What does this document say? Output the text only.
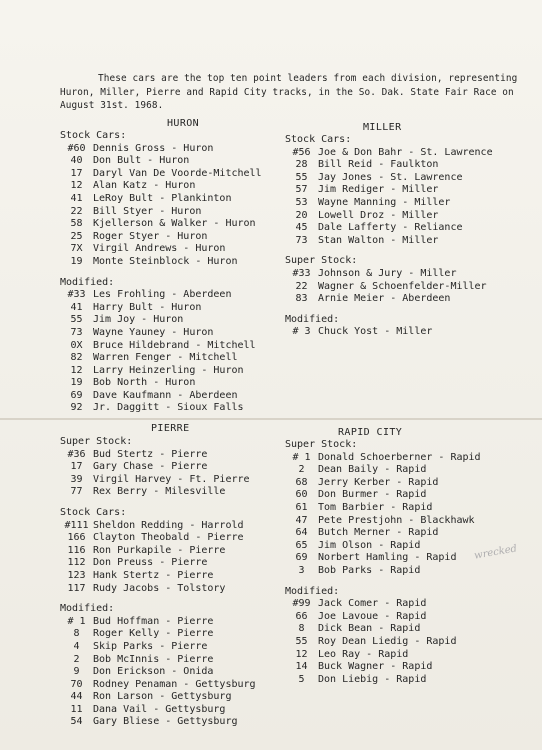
These cars are the top ten point leaders from each division, representing Huron, Miller, Pierre and Rapid City tracks, in the So. Dak. State Fair Race on August 31st. 1968.
HURON
Stock Cars:
#60 Dennis Gross - Huron
40	Don Bult - Huron
17	Daryl Van De Voorde-Mitchell
12	Alan Katz - Huron
41	LeRoy Bult - Plankinton
22	Bill Styer - Huron
58	Kjellerson & Walker - Huron
25	Roger Styer - Huron
7X	Virgil Andrews - Huron
19	Monte Steinblock - Huron
Modified:
#33 Les Frohling - Aberdeen
41	Harry Bult - Huron
55	Jim Joy - Huron
73	Wayne Yauney - Huron
0X	Bruce Hildebrand - Mitchell
82	Warren Fenger - Mitchell
12	Larry Heinzerling - Huron
19	Bob North - Huron
69	Dave Kaufmann - Aberdeen
92	Jr. Daggitt - Sioux Falls
MILLER
Stock Cars:
#56 Joe & Don Bahr - St. Lawrence
28	Bill Reid - Faulkton
55	Jay Jones - St. Lawrence
57	Jim Rediger - Miller
53	Wayne Manning - Miller
20	Lowell Droz - Miller
45	Dale Lafferty - Reliance
73	Stan Walton - Miller
Super Stock:
#33 Johnson & Jury - Miller
22	Wagner & Schoenfelder-Miller
83	Arnie Meier - Aberdeen
Modified:
# 3 Chuck Yost - Miller
PIERRE
Super Stock:
#36 Bud Stertz - Pierre
17	Gary Chase - Pierre
39	Virgil Harvey - Ft. Pierre
77	Rex Berry - Milesville
Stock Cars:
#111 Sheldon Redding - Harrold
166 Clayton Theobald - Pierre
116 Ron Purkapile - Pierre
112 Don Preuss - Pierre
123 Hank Stertz - Pierre
117 Rudy Jacobs - Tolstory
Modified:
# 1 Bud Hoffman - Pierre
8	Roger Kelly - Pierre
4	Skip Parks - Pierre
2	Bob McInnis - Pierre
9	Don Erickson - Onida
70	Rodney Penaman - Gettysburg
44	Ron Larson - Gettysburg
11	Dana Vail - Gettysburg
54	Gary Bliese - Gettysburg
RAPID CITY
Super Stock:
# 1 Donald Schoerberner - Rapid
2	Dean Baily - Rapid
68	Jerry Kerber - Rapid
60	Don Burmer - Rapid
61	Tom Barbier - Rapid
47	Pete Prestjohn - Blackhawk
64	Butch Merner - Rapid
65	Jim Olson - Rapid
69	Norbert Hamling - Rapid
3	Bob Parks - Rapid
Modified:
#99 Jack Comer - Rapid
66	Joe Lavoue - Rapid
8	Dick Bean - Rapid
55	Roy Dean Liedig - Rapid
12	Leo Ray - Rapid
14	Buck Wagner - Rapid
5	Don Liebig - Rapid
wrecked
